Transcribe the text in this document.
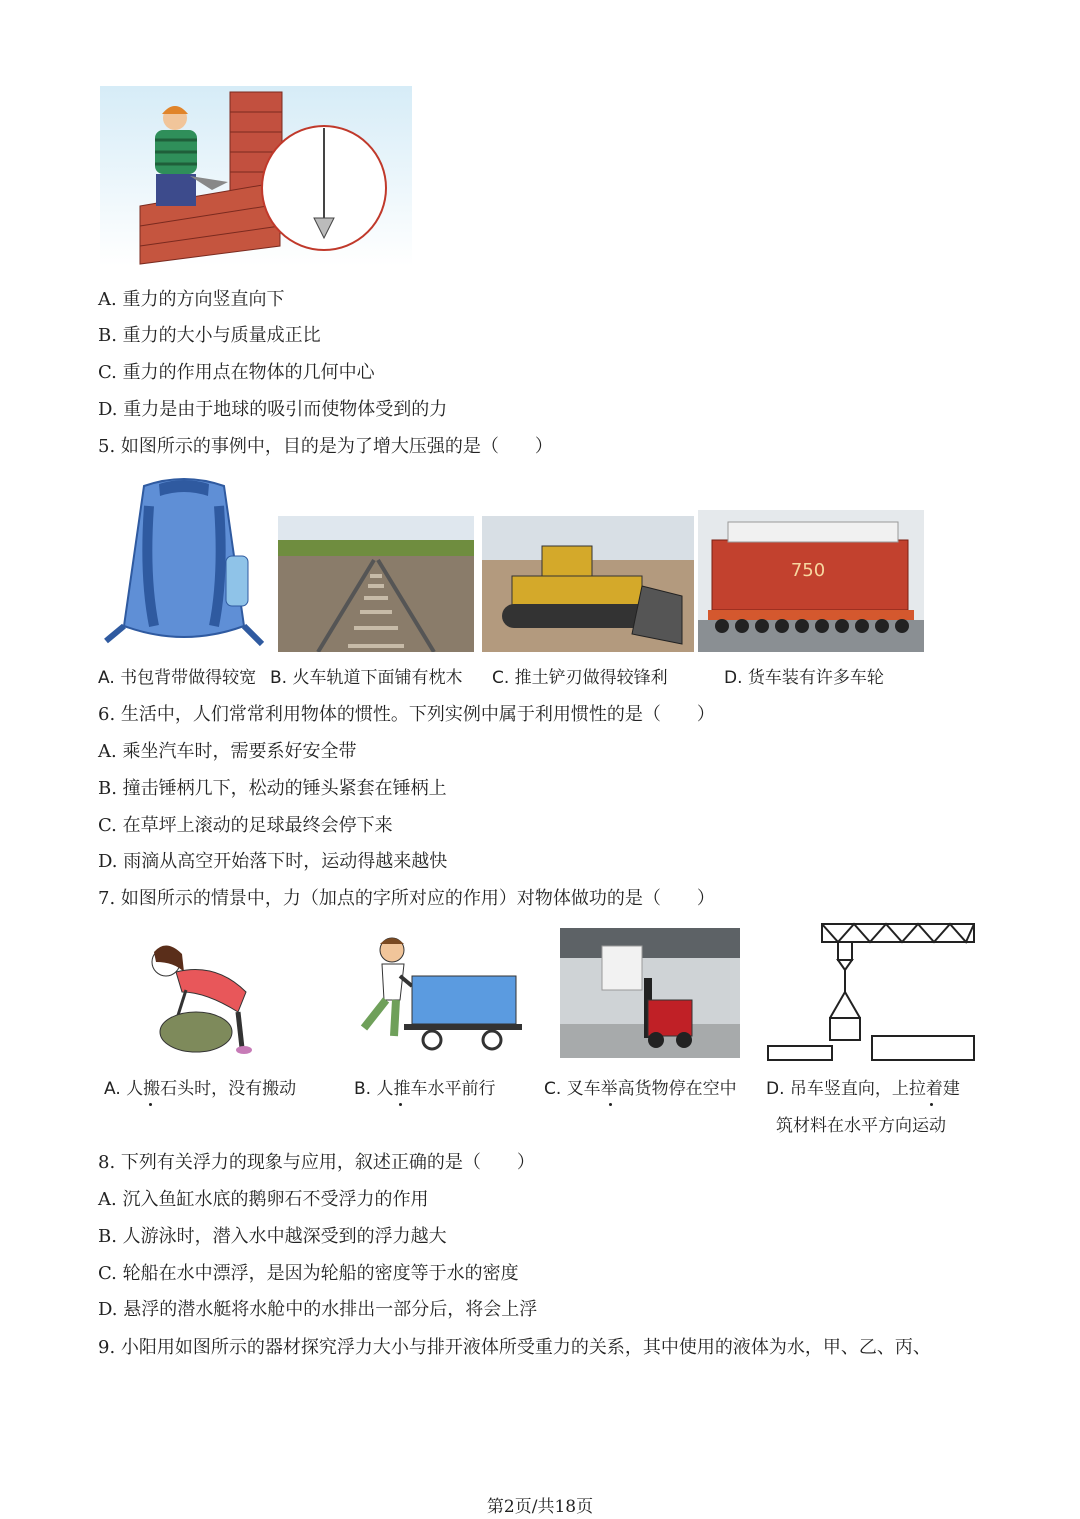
A. 重力的方向竖直向下
B. 重力的大小与质量成正比
C. 重力的作用点在物体的几何中心
D. 重力是由于地球的吸引而使物体受到的力
5. 如图所示的事例中，目的是为了增大压强的是（　　）
750
A. 书包背带做得较宽 B. 火车轨道下面铺有枕木 C. 推土铲刃做得较锋利	D. 货车装有许多车轮
6. 生活中，人们常常利用物体的惯性。下列实例中属于利用惯性的是（　　）
A. 乘坐汽车时，需要系好安全带
B. 撞击锤柄几下，松动的锤头紧套在锤柄上
C. 在草坪上滚动的足球最终会停下来
D. 雨滴从高空开始落下时，运动得越来越快
7. 如图所示的情景中，力（加点的字所对应的作用）对物体做功的是（　　）
A. 人搬石头时，没有搬动	B. 人推车水平前行	C. 叉车举高货物停在空中 D. 吊车竖直向，上拉着建
筑材料在水平方向运动
8. 下列有关浮力的现象与应用，叙述正确的是（　　）
A. 沉入鱼缸水底的鹅卵石不受浮力的作用
B. 人游泳时，潜入水中越深受到的浮力越大
C. 轮船在水中漂浮，是因为轮船的密度等于水的密度
D. 悬浮的潜水艇将水舱中的水排出一部分后，将会上浮
9. 小阳用如图所示的器材探究浮力大小与排开液体所受重力的关系，其中使用的液体为水，甲、乙、丙、
第2页/共18页
